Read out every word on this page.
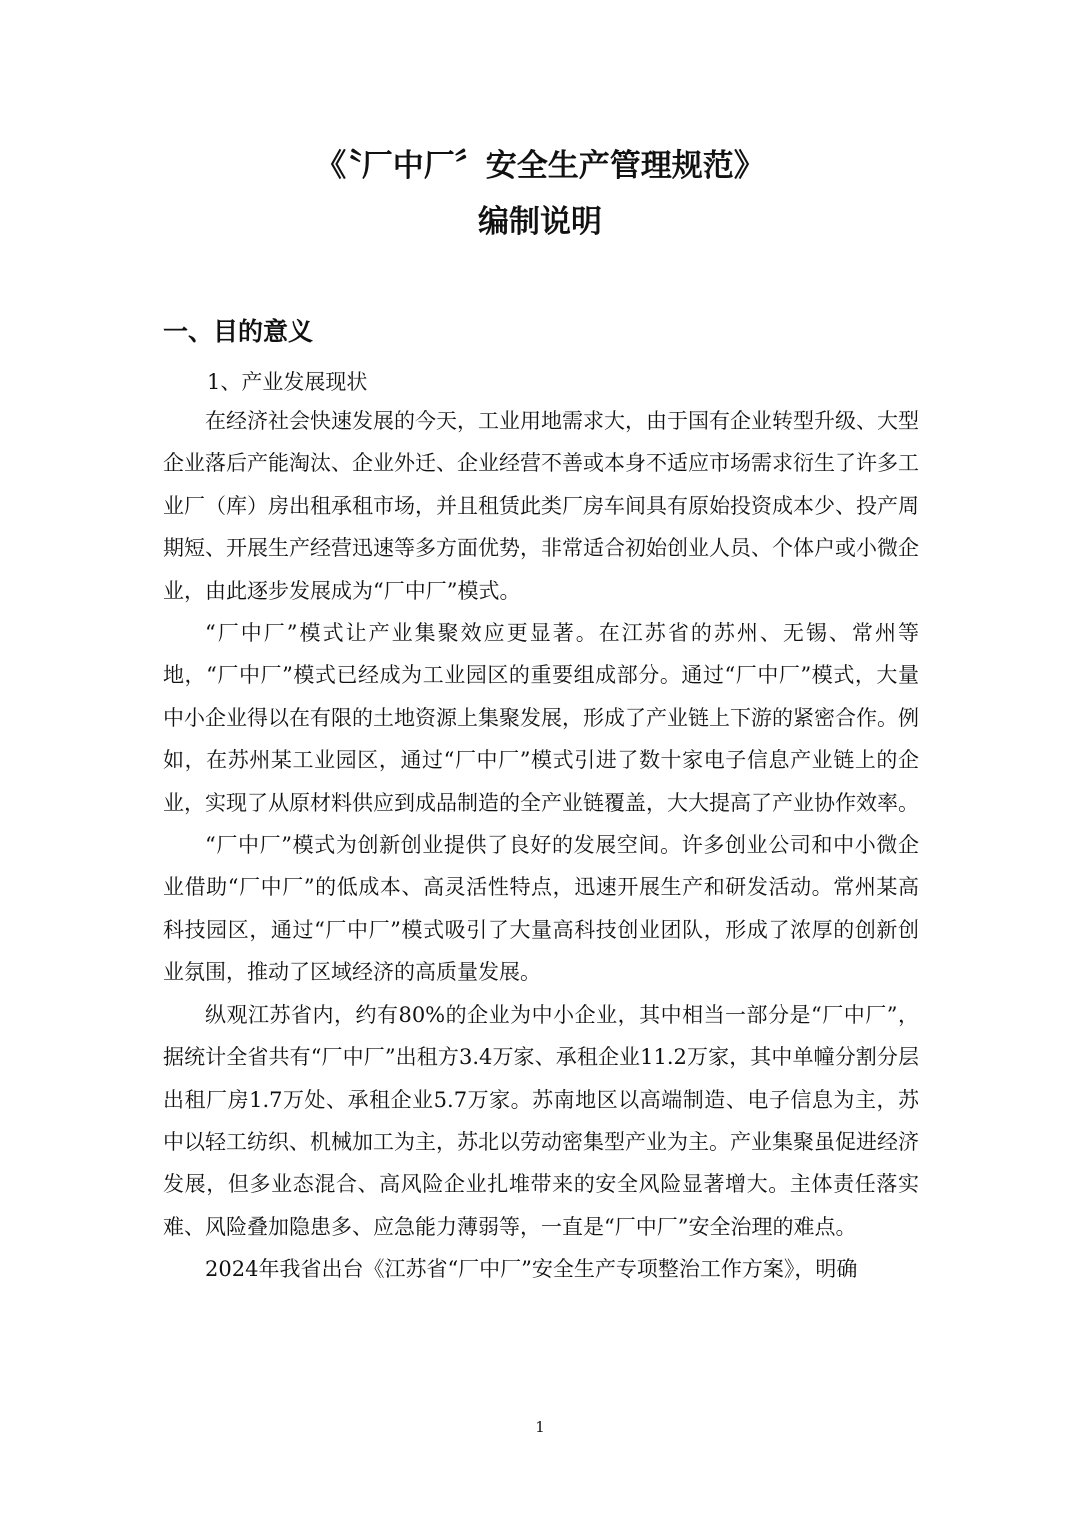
《〝厂中厂〞安全生产管理规范》
编制说明
一、目的意义

1、产业发展现状

在经济社会快速发展的今天，工业用地需求大，由于国有企业转型升级、大型企业落后产能淘汰、企业外迁、企业经营不善或本身不适应市场需求衍生了许多工业厂（库）房出租承租市场，并且租赁此类厂房车间具有原始投资成本少、投产周期短、开展生产经营迅速等多方面优势，非常适合初始创业人员、个体户或小微企业，由此逐步发展成为“厂中厂”模式。

“厂中厂”模式让产业集聚效应更显著。在江苏省的苏州、无锡、常州等地，“厂中厂”模式已经成为工业园区的重要组成部分。通过“厂中厂”模式，大量中小企业得以在有限的土地资源上集聚发展，形成了产业链上下游的紧密合作。例如，在苏州某工业园区，通过“厂中厂”模式引进了数十家电子信息产业链上的企业，实现了从原材料供应到成品制造的全产业链覆盖，大大提高了产业协作效率。

“厂中厂”模式为创新创业提供了良好的发展空间。许多创业公司和中小微企业借助“厂中厂”的低成本、高灵活性特点，迅速开展生产和研发活动。常州某高科技园区，通过“厂中厂”模式吸引了大量高科技创业团队，形成了浓厚的创新创业氛围，推动了区域经济的高质量发展。

纵观江苏省内，约有80%的企业为中小企业，其中相当一部分是“厂中厂”，据统计全省共有“厂中厂”出租方3.4万家、承租企业11.2万家，其中单幢分割分层出租厂房1.7万处、承租企业5.7万家。苏南地区以高端制造、电子信息为主，苏中以轻工纺织、机械加工为主，苏北以劳动密集型产业为主。产业集聚虽促进经济发展，但多业态混合、高风险企业扎堆带来的安全风险显著增大。主体责任落实难、风险叠加隐患多、应急能力薄弱等，一直是“厂中厂”安全治理的难点。

2024年我省出台《江苏省“厂中厂”安全生产专项整治工作方案》，明确

1
